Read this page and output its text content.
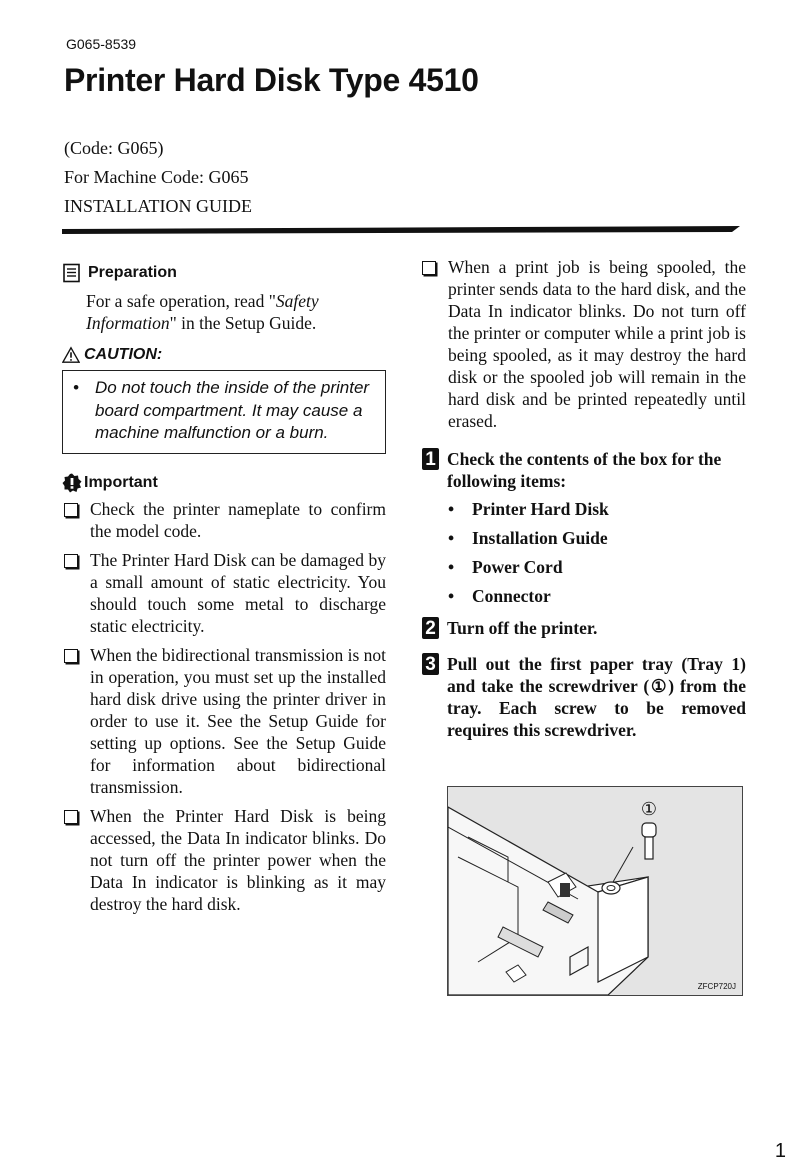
G065-8539
Printer Hard Disk Type 4510
(Code: G065)
For Machine Code: G065
INSTALLATION GUIDE
Preparation
For a safe operation, read "Safety Information" in the Setup Guide.
CAUTION:
• Do not touch the inside of the printer board compartment. It may cause a machine malfunction or a burn.
Important
Check the printer nameplate to confirm the model code.
The Printer Hard Disk can be damaged by a small amount of static electricity. You should touch some metal to discharge static electricity.
When the bidirectional transmission is not in operation, you must set up the installed hard disk drive using the printer driver in order to use it. See the Setup Guide for setting up options. See the Setup Guide for information about bidirectional transmission.
When the Printer Hard Disk is being accessed, the Data In indicator blinks. Do not turn off the printer power when the Data In indicator is blinking as it may destroy the hard disk.
When a print job is being spooled, the printer sends data to the hard disk, and the Data In indicator blinks. Do not turn off the printer or computer while a print job is being spooled, as it may destroy the hard disk or the spooled job will remain in the hard disk and be printed repeatedly until erased.
1 Check the contents of the box for the following items:
•	Printer Hard Disk
•	Installation Guide
•	Power Cord
•	Connector
2 Turn off the printer.
3 Pull out the first paper tray (Tray 1) and take the screwdriver (①) from the tray. Each screw to be removed requires this screwdriver.
①
ZFCP720J
1
